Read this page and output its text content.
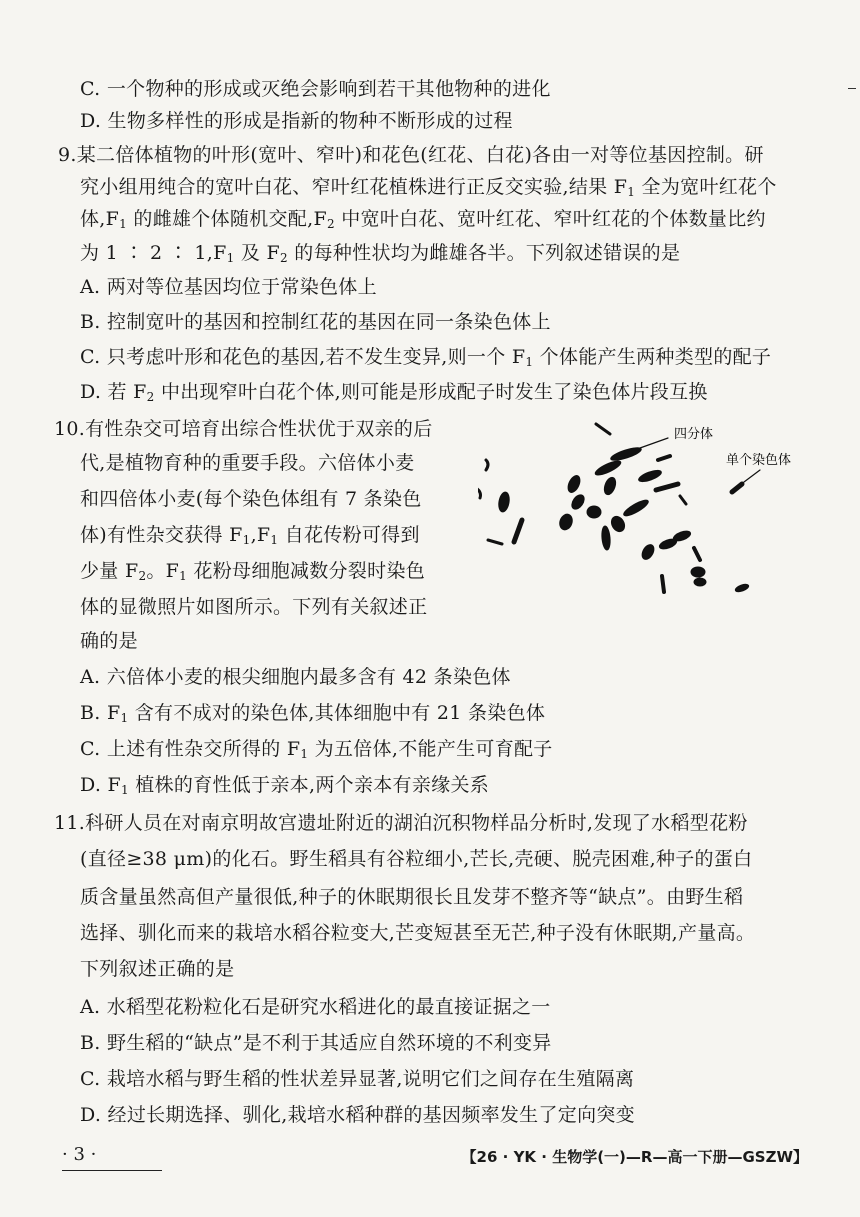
C. 一个物种的形成或灭绝会影响到若干其他物种的进化
D. 生物多样性的形成是指新的物种不断形成的过程
9.某二倍体植物的叶形(宽叶、窄叶)和花色(红花、白花)各由一对等位基因控制。研
究小组用纯合的宽叶白花、窄叶红花植株进行正反交实验,结果 $F_1$ 全为宽叶红花个
体$,F_1$ 的雌雄个体随机交配$,F_2$ 中宽叶白花、宽叶红花、窄叶红花的个体数量比约
为 1 ∶ 2 ∶ $1,F_1$ 及 $F_2$ 的每种性状均为雌雄各半。下列叙述错误的是
A. 两对等位基因均位于常染色体上
B. 控制宽叶的基因和控制红花的基因在同一条染色体上
C. 只考虑叶形和花色的基因,若不发生变异,则一个 $F_1$ 个体能产生两种类型的配子
D. 若 $F_2$ 中出现窄叶白花个体,则可能是形成配子时发生了染色体片段互换
10.有性杂交可培育出综合性状优于双亲的后
代,是植物育种的重要手段。六倍体小麦
和四倍体小麦(每个染色体组有 7 条染色
体)有性杂交获得 $F_1,F_1$ 自花传粉可得到
少量 $F_2$。$F_1$ 花粉母细胞减数分裂时染色
体的显微照片如图所示。下列有关叙述正
确的是
四分体
单个染色体
A. 六倍体小麦的根尖细胞内最多含有 42 条染色体
B. $F_1$ 含有不成对的染色体,其体细胞中有 21 条染色体
C. 上述有性杂交所得的 $F_1$ 为五倍体,不能产生可育配子
D. $F_1$ 植株的育性低于亲本,两个亲本有亲缘关系
11.科研人员在对南京明故宫遗址附近的湖泊沉积物样品分析时,发现了水稻型花粉
(直径≥38 μm)的化石。野生稻具有谷粒细小,芒长,壳硬、脱壳困难,种子的蛋白
质含量虽然高但产量很低,种子的休眠期很长且发芽不整齐等“缺点”。由野生稻
选择、驯化而来的栽培水稻谷粒变大,芒变短甚至无芒,种子没有休眠期,产量高。
下列叙述正确的是
A. 水稻型花粉粒化石是研究水稻进化的最直接证据之一
B. 野生稻的“缺点”是不利于其适应自然环境的不利变异
C. 栽培水稻与野生稻的性状差异显著,说明它们之间存在生殖隔离
D. 经过长期选择、驯化,栽培水稻种群的基因频率发生了定向突变
· 3 ·	【26 · YK · 生物学(一)—R—高一下册—GSZW】
